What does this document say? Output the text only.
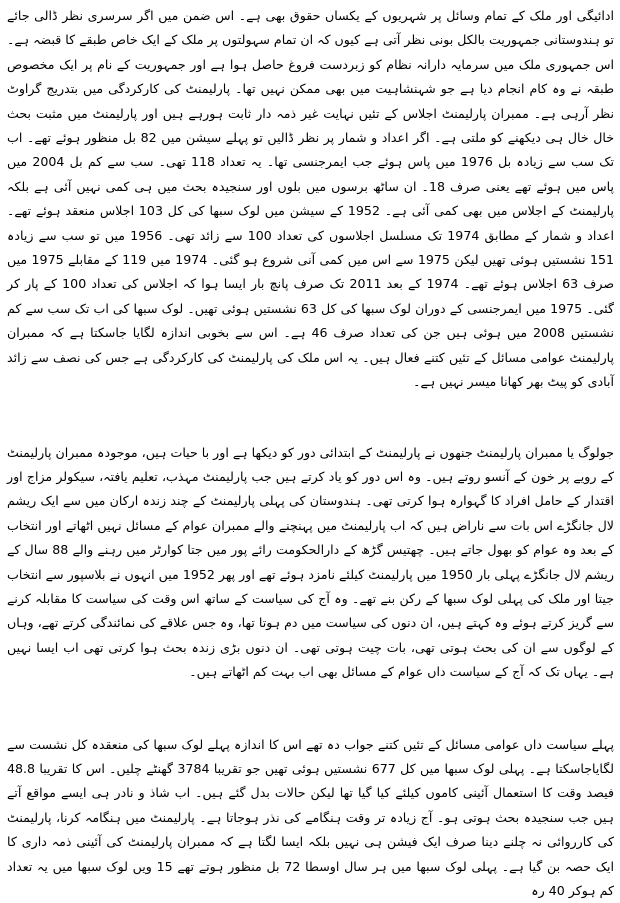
ادائیگی اور ملک کے تمام وسائل پر شہریوں کے یکساں حقوق بھی ہے۔ اس ضمن میں اگر سرسری نظر ڈالی جائے تو ہندوستانی جمہوریت بالکل بونی نظر آتی ہے کیوں کہ ان تمام سہولتوں پر ملک کے ایک خاص طبقے کا قبضہ ہے۔ اس جمہوری ملک میں سرمایہ دارانہ نظام کو زبردست فروغ حاصل ہوا ہے اور جمہوریت کے نام پر ایک مخصوص طبقہ نے وہ کام انجام دیا ہے جو شہنشاہیت میں بھی ممکن نہیں تھا۔ پارلیمنٹ کی کارکردگی میں بتدریج گراوٹ نظر آرہی ہے۔ ممبران پارلیمنٹ اجلاس کے تئیں نہایت غیر ذمہ دار ثابت ہورہے ہیں اور پارلیمنٹ میں مثبت بحث خال خال ہی دیکھنے کو ملتی ہے۔ اگر اعداد و شمار پر نظر ڈالیں تو پہلے سیشن میں 82 بل منظور ہوئے تھے۔ اب تک سب سے زیادہ بل 1976 میں پاس ہوئے جب ایمرجنسی تھا۔ یہ تعداد 118 تھی۔ سب سے کم بل 2004 میں پاس میں ہوئے تھے یعنی صرف 18۔ ان ساٹھ برسوں میں بلوں اور سنجیدہ بحث میں ہی کمی نہیں آئی ہے بلکہ پارلیمنٹ کے اجلاس میں بھی کمی آئی ہے۔ 1952 کے سیشن میں لوک سبھا کی کل 103 اجلاس منعقد ہوئے تھے۔ اعداد و شمار کے مطابق 1974 تک مسلسل اجلاسوں کی تعداد 100 سے زائد تھی۔ 1956 میں تو سب سے زیادہ 151 نشستیں ہوئی تھیں لیکن 1975 سے اس میں کمی آنی شروع ہو گئی۔ 1974 میں 119 کے مقابلے 1975 میں صرف 63 اجلاس ہوئے تھے۔ 1974 کے بعد 2011 تک صرف پانچ بار ایسا ہوا کہ اجلاس کی تعداد 100 کے پار کر گئی۔ 1975 میں ایمرجنسی کے دوران لوک سبھا کی کل 63 نشستیں ہوئی تھیں۔ لوک سبھا کی اب تک سب سے کم نشستیں 2008 میں ہوئی ہیں جن کی تعداد صرف 46 ہے۔ اس سے بخوبی اندازہ لگایا جاسکتا ہے کہ ممبران پارلیمنٹ عوامی مسائل کے تئیں کتنے فعال ہیں۔ یہ اس ملک کی پارلیمنٹ کی کارکردگی ہے جس کی نصف سے زائد آبادی کو پیٹ بھر کھانا میسر نہیں ہے۔

جولوگ یا ممبران پارلیمنٹ جنھوں نے پارلیمنٹ کے ابتدائی دور کو دیکھا ہے اور با حیات ہیں، موجودہ ممبران پارلیمنٹ کے رویے پر خون کے آنسو روتے ہیں۔ وہ اس دور کو یاد کرتے ہیں جب پارلیمنٹ مہذب، تعلیم یافتہ، سیکولر مزاج اور اقتدار کے حامل افراد کا گہوارہ ہوا کرتی تھی۔ ہندوستان کی پہلی پارلیمنٹ کے چند زندہ ارکان میں سے ایک ریشم لال جانگڑے اس بات سے ناراض ہیں کہ اب پارلیمنٹ میں پہنچنے والے ممبران عوام کے مسائل نہیں اٹھاتے اور انتخاب کے بعد وہ عوام کو بھول جاتے ہیں۔ چھتیس گڑھ کے دارالحکومت رائے پور میں جتا کوارٹر میں رہنے والے 88 سال کے ریشم لال جانگڑے پہلی بار 1950 میں پارلیمنٹ کیلئے نامزد ہوئے تھے اور پھر 1952 میں انہوں نے بلاسپور سے انتخاب جیتا اور ملک کی پہلی لوک سبھا کے رکن بنے تھے۔ وہ آج کی سیاست کے ساتھ اس وقت کی سیاست کا مقابلہ کرنے سے گریز کرتے ہوئے وہ کہتے ہیں، ان دنوں کی سیاست میں دم ہوتا تھا، وہ جس علاقے کی نمائندگی کرتے تھے، وہاں کے لوگوں سے ان کی بحث ہوتی تھی، بات چیت ہوتی تھی۔ ان دنوں بڑی زندہ بحث ہوا کرتی تھی اب ایسا نہیں ہے۔ یہاں تک کہ آج کے سیاست داں عوام کے مسائل بھی اب بہت کم اٹھاتے ہیں۔

پہلے سیاست داں عوامی مسائل کے تئیں کتنے جواب دہ تھے اس کا اندازہ پہلے لوک سبھا کی منعقدہ کل نشست سے لگایاجاسکتا ہے۔ پہلی لوک سبھا میں کل 677 نشستیں ہوئی تھیں جو تقریبا 3784 گھنٹے چلیں۔ اس کا تقریبا 48.8 فیصد وقت کا استعمال آئینی کاموں کیلئے کیا گیا تھا لیکن حالات بدل گئے ہیں۔ اب شاذ و نادر ہی ایسے مواقع آتے ہیں جب سنجیدہ بحث ہوتی ہو۔ آج زیادہ تر وقت ہنگامے کی نذر ہوجاتا ہے۔ پارلیمنٹ میں ہنگامہ کرنا، پارلیمنٹ کی کارروائی نہ چلنے دینا صرف ایک فیشن ہی نہیں بلکہ ایسا لگتا ہے کہ ممبران پارلیمنٹ کی آئینی ذمہ داری کا ایک حصہ بن گیا ہے۔ پہلی لوک سبھا میں ہر سال اوسطا 72 بل منظور ہوتے تھے 15 ویں لوک سبھا میں یہ تعداد کم ہوکر 40 رہ
